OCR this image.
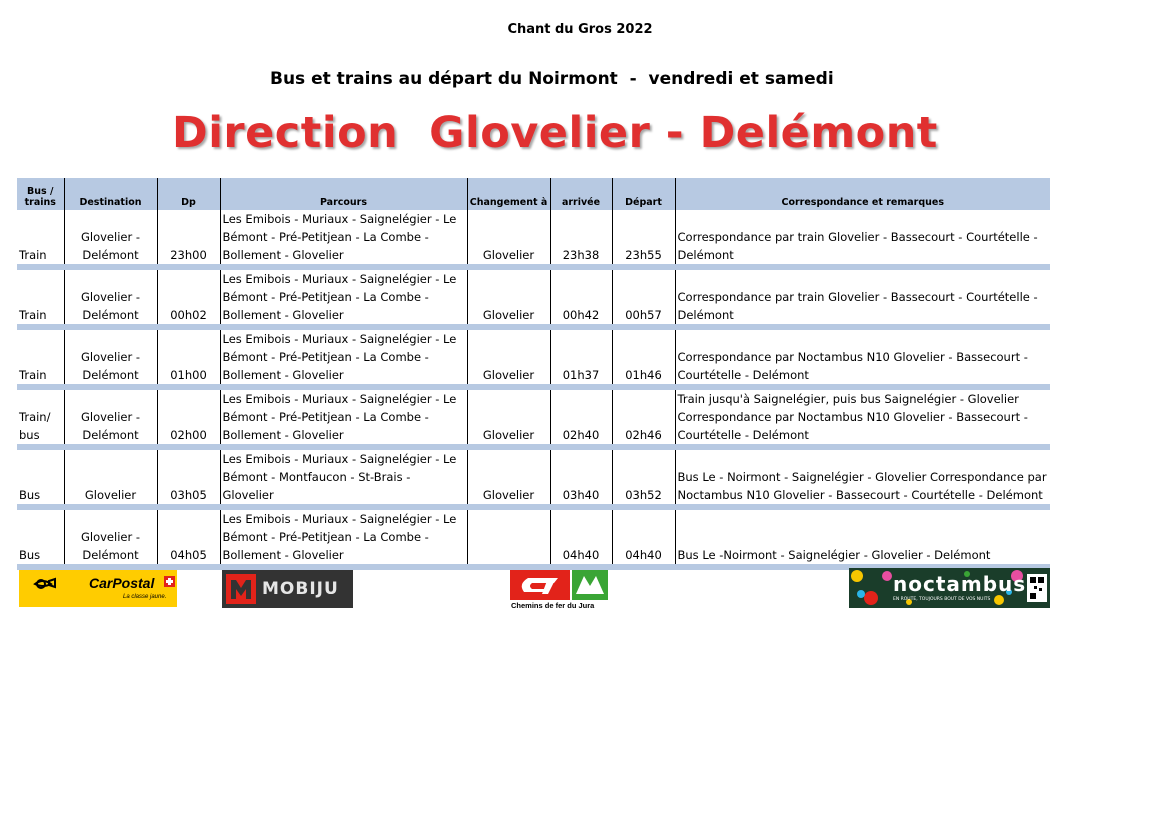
Chant du Gros 2022
Bus et trains au départ du Noirmont  -  vendredi et samedi
Direction  Glovelier - Delémont
Bus / trains	Destination	Dp	Parcours	Changement à	arrivée	Départ	Correspondance et remarques
Train	Glovelier - Delémont	23h00	Les Emibois - Muriaux - Saignelégier - Le Bémont - Pré-Petitjean - La Combe - Bollement - Glovelier	Glovelier	23h38	23h55	Correspondance par train Glovelier - Bassecourt - Courtételle - Delémont
Train	Glovelier - Delémont	00h02	Les Emibois - Muriaux - Saignelégier - Le Bémont - Pré-Petitjean - La Combe - Bollement - Glovelier	Glovelier	00h42	00h57	Correspondance par train Glovelier - Bassecourt - Courtételle - Delémont
Train	Glovelier - Delémont	01h00	Les Emibois - Muriaux - Saignelégier - Le Bémont - Pré-Petitjean - La Combe - Bollement - Glovelier	Glovelier	01h37	01h46	Correspondance par Noctambus N10 Glovelier - Bassecourt - Courtételle - Delémont
Train/ bus	Glovelier - Delémont	02h00	Les Emibois - Muriaux - Saignelégier - Le Bémont - Pré-Petitjean - La Combe - Bollement - Glovelier	Glovelier	02h40	02h46	Train jusqu'à Saignelégier, puis bus Saignelégier - Glovelier Correspondance par Noctambus N10 Glovelier - Bassecourt - Courtételle - Delémont
Bus	Glovelier	03h05	Les Emibois - Muriaux - Saignelégier - Le Bémont - Montfaucon - St-Brais - Glovelier	Glovelier	03h40	03h52	Bus Le - Noirmont - Saignelégier - Glovelier Correspondance par Noctambus N10 Glovelier - Bassecourt - Courtételle - Delémont
Bus	Glovelier - Delémont	04h05	Les Emibois - Muriaux - Saignelégier - Le Bémont - Pré-Petitjean - La Combe - Bollement - Glovelier		04h40	04h40	Bus Le -Noirmont - Saignelégier - Glovelier - Delémont
CarPostal
La classe jaune.	MOBIJU
Chemins de fer du Jura
noctambus
EN ROUTE, TOUJOURS BOUT DE VOS NUITS
